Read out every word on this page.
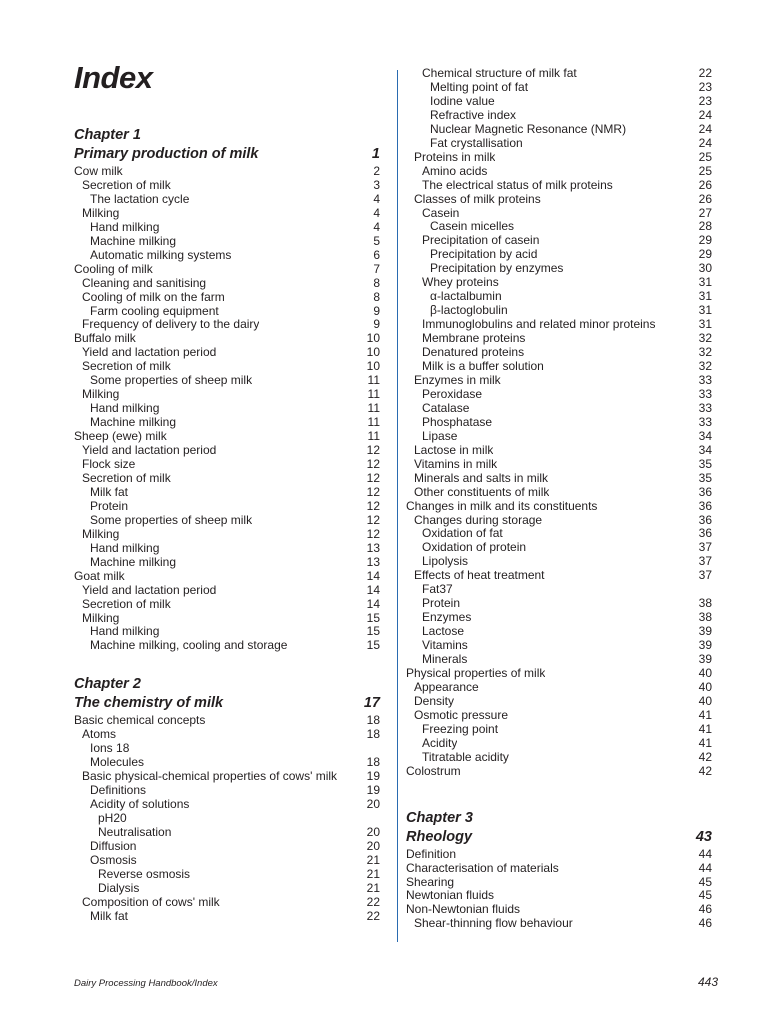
Index
Chapter 1
Primary production of milk	1
Cow milk	2
Secretion of milk	3
The lactation cycle	4
Milking	4
Hand milking	4
Machine milking	5
Automatic milking systems	6
Cooling of milk	7
Cleaning and sanitising	8
Cooling of milk on the farm	8
Farm cooling equipment	9
Frequency of delivery to the dairy	9
Buffalo milk	10
Yield and lactation period	10
Secretion of milk	10
Some properties of sheep milk	11
Milking	11
Hand milking	11
Machine milking	11
Sheep (ewe) milk	11
Yield and lactation period	12
Flock size	12
Secretion of milk	12
Milk fat	12
Protein	12
Some properties of sheep milk	12
Milking	12
Hand milking	13
Machine milking	13
Goat milk	14
Yield and lactation period	14
Secretion of milk	14
Milking	15
Hand milking	15
Machine milking, cooling and storage	15
Chapter 2
The chemistry of milk	17
Basic chemical concepts	18
Atoms	18
Ions 18
Molecules	18
Basic physical-chemical properties of cows' milk	19
Definitions	19
Acidity of solutions	20
pH20
Neutralisation	20
Diffusion	20
Osmosis	21
Reverse osmosis	21
Dialysis	21
Composition of cows' milk	22
Milk fat	22
Chemical structure of milk fat	22
Melting point of fat	23
Iodine value	23
Refractive index	24
Nuclear Magnetic Resonance (NMR)	24
Fat crystallisation	24
Proteins in milk	25
Amino acids	25
The electrical status of milk proteins	26
Classes of milk proteins	26
Casein	27
Casein micelles	28
Precipitation of casein	29
Precipitation by acid	29
Precipitation by enzymes	30
Whey proteins	31
α-lactalbumin	31
β-lactoglobulin	31
Immunoglobulins and related minor proteins	31
Membrane proteins	32
Denatured proteins	32
Milk is a buffer solution	32
Enzymes in milk	33
Peroxidase	33
Catalase	33
Phosphatase	33
Lipase	34
Lactose in milk	34
Vitamins in milk	35
Minerals and salts in milk	35
Other constituents of milk	36
Changes in milk and its constituents	36
Changes during storage	36
Oxidation of fat	36
Oxidation of protein	37
Lipolysis	37
Effects of heat treatment	37
Fat37
Protein	38
Enzymes	38
Lactose	39
Vitamins	39
Minerals	39
Physical properties of milk	40
Appearance	40
Density	40
Osmotic pressure	41
Freezing point	41
Acidity	41
Titratable acidity	42
Colostrum	42
Chapter 3
Rheology	43
Definition	44
Characterisation of materials	44
Shearing	45
Newtonian fluids	45
Non-Newtonian fluids	46
Shear-thinning flow behaviour	46
Dairy Processing Handbook/Index	443
